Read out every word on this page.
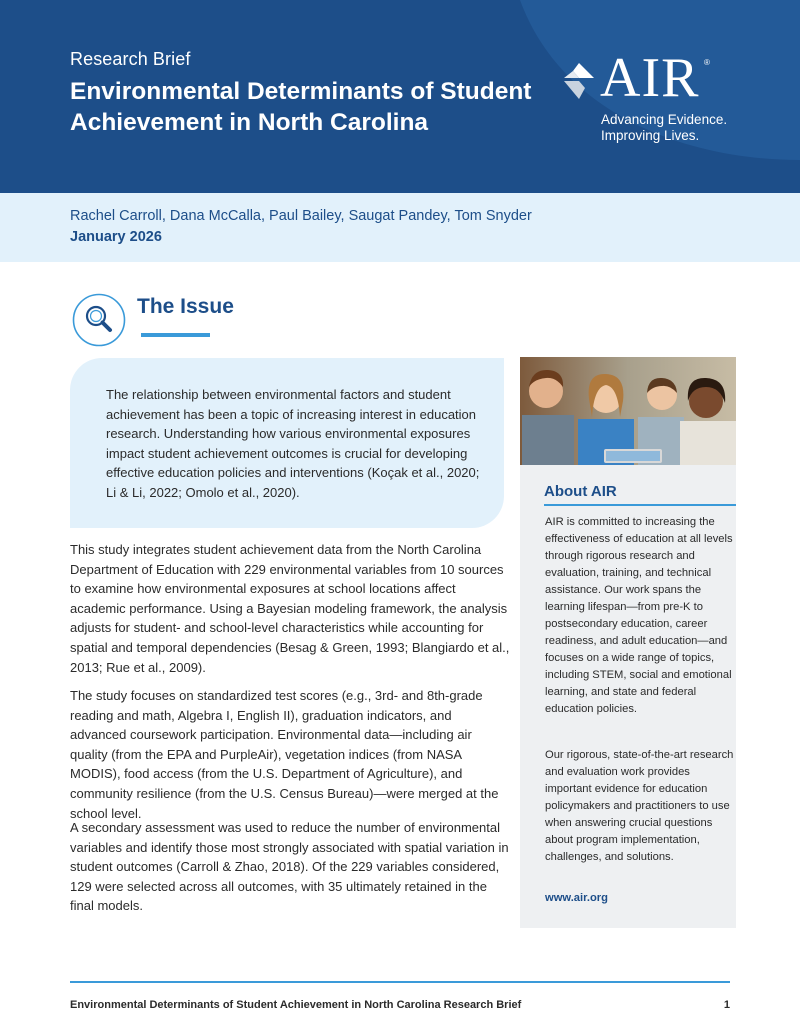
Research Brief
Environmental Determinants of Student Achievement in North Carolina
AIR ®
Advancing Evidence.
Improving Lives.
Rachel Carroll, Dana McCalla, Paul Bailey, Saugat Pandey, Tom Snyder
January 2026
The Issue
The relationship between environmental factors and student achievement has been a topic of increasing interest in education research. Understanding how various environmental exposures impact student achievement outcomes is crucial for developing effective education policies and interventions (Koçak et al., 2020; Li & Li, 2022; Omolo et al., 2020).
This study integrates student achievement data from the North Carolina Department of Education with 229 environmental variables from 10 sources to examine how environmental exposures at school locations affect academic performance. Using a Bayesian modeling framework, the analysis adjusts for student- and school-level characteristics while accounting for spatial and temporal dependencies (Besag & Green, 1993; Blangiardo et al., 2013; Rue et al., 2009).
The study focuses on standardized test scores (e.g., 3rd- and 8th-grade reading and math, Algebra I, English II), graduation indicators, and advanced coursework participation. Environmental data—including air quality (from the EPA and PurpleAir), vegetation indices (from NASA MODIS), food access (from the U.S. Department of Agriculture), and community resilience (from the U.S. Census Bureau)—were merged at the school level.
A secondary assessment was used to reduce the number of environmental variables and identify those most strongly associated with spatial variation in student outcomes (Carroll & Zhao, 2018). Of the 229 variables considered, 129 were selected across all outcomes, with 35 ultimately retained in the final models.
About AIR
AIR is committed to increasing the effectiveness of education at all levels through rigorous research and evaluation, training, and technical assistance. Our work spans the learning lifespan—from pre-K to postsecondary education, career readiness, and adult education—and focuses on a wide range of topics, including STEM, social and emotional learning, and state and federal education policies.
Our rigorous, state-of-the-art research and evaluation work provides important evidence for education policymakers and practitioners to use when answering crucial questions about program implementation, challenges, and solutions.
www.air.org
Environmental Determinants of Student Achievement in North Carolina Research Brief	1
